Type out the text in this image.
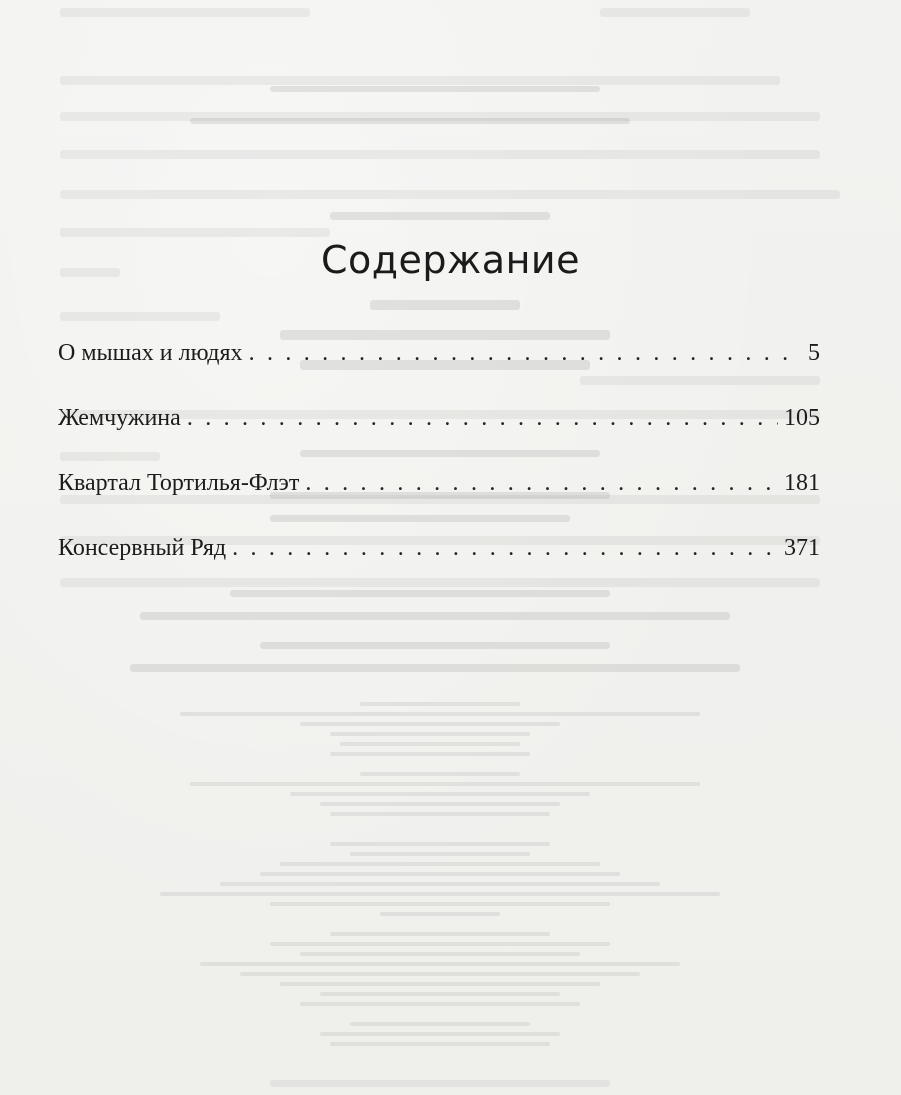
Содержание
О мышах и людях . . .	5
Жемчужина . . .	105
Квартал Тортилья-Флэт . . .	181
Консервный Ряд . . .	371
